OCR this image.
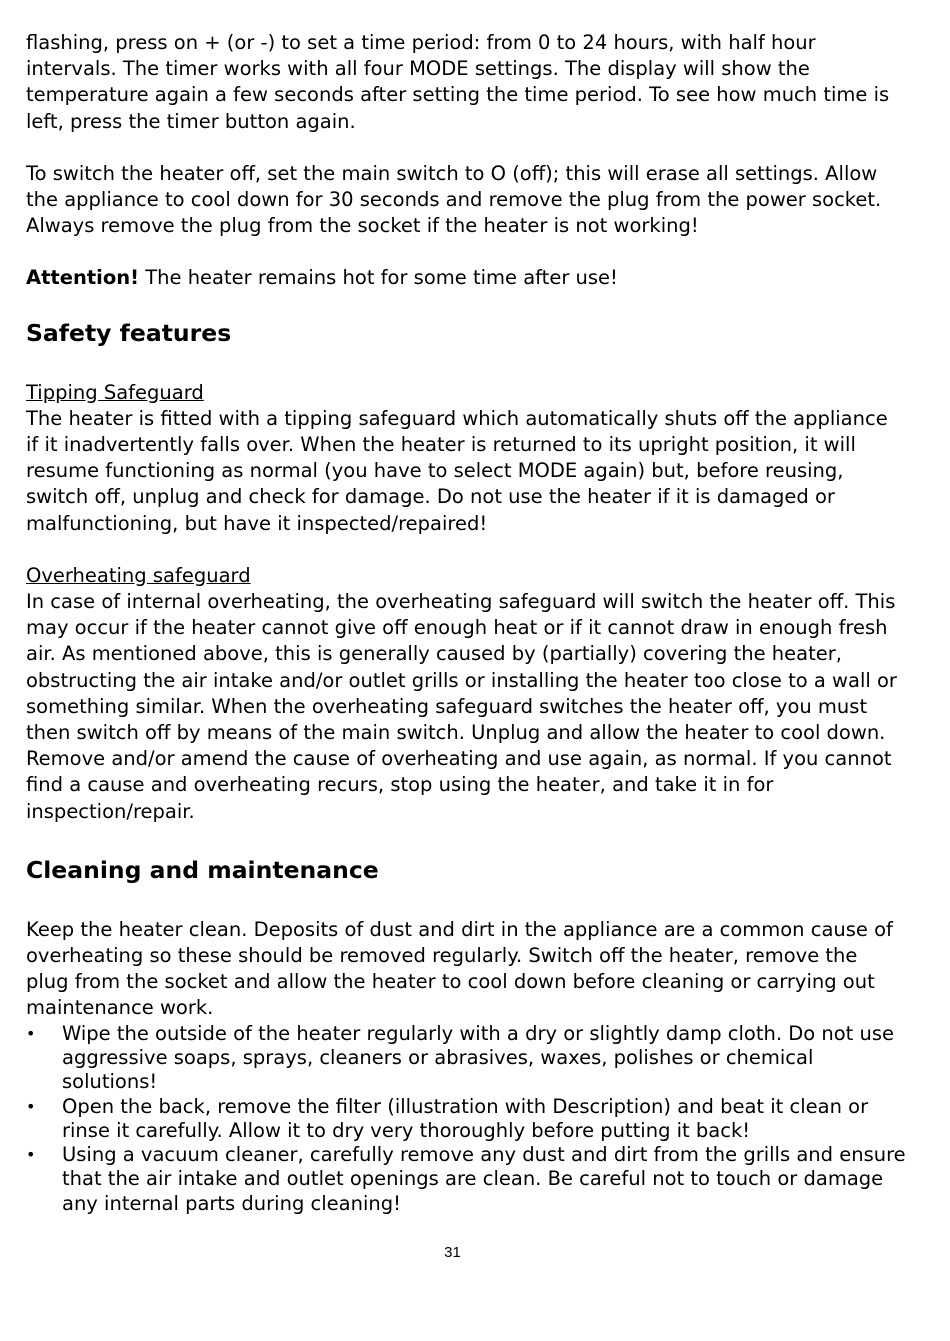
flashing, press on + (or -) to set a time period: from 0 to 24 hours, with half hour intervals. The timer works with all four MODE settings. The display will show the temperature again a few seconds after setting the time period. To see how much time is left, press the timer button again.

To switch the heater off, set the main switch to O (off); this will erase all settings. Allow the appliance to cool down for 30 seconds and remove the plug from the power socket. Always remove the plug from the socket if the heater is not working!

Attention! The heater remains hot for some time after use!

Safety features

Tipping Safeguard

The heater is fitted with a tipping safeguard which automatically shuts off the appliance if it inadvertently falls over. When the heater is returned to its upright position, it will resume functioning as normal (you have to select MODE again) but, before reusing, switch off, unplug and check for damage. Do not use the heater if it is damaged or malfunctioning, but have it inspected/repaired!

Overheating safeguard

In case of internal overheating, the overheating safeguard will switch the heater off. This may occur if the heater cannot give off enough heat or if it cannot draw in enough fresh air. As mentioned above, this is generally caused by (partially) covering the heater, obstructing the air intake and/or outlet grills or installing the heater too close to a wall or something similar. When the overheating safeguard switches the heater off, you must then switch off by means of the main switch. Unplug and allow the heater to cool down. Remove and/or amend the cause of overheating and use again, as normal. If you cannot find a cause and overheating recurs, stop using the heater, and take it in for inspection/repair.

Cleaning and maintenance

Keep the heater clean. Deposits of dust and dirt in the appliance are a common cause of overheating so these should be removed regularly. Switch off the heater, remove the plug from the socket and allow the heater to cool down before cleaning or carrying out maintenance work.

• Wipe the outside of the heater regularly with a dry or slightly damp cloth. Do not use aggressive soaps, sprays, cleaners or abrasives, waxes, polishes or chemical solutions!
• Open the back, remove the filter (illustration with Description) and beat it clean or rinse it carefully. Allow it to dry very thoroughly before putting it back!
• Using a vacuum cleaner, carefully remove any dust and dirt from the grills and ensure that the air intake and outlet openings are clean. Be careful not to touch or damage any internal parts during cleaning!
31
